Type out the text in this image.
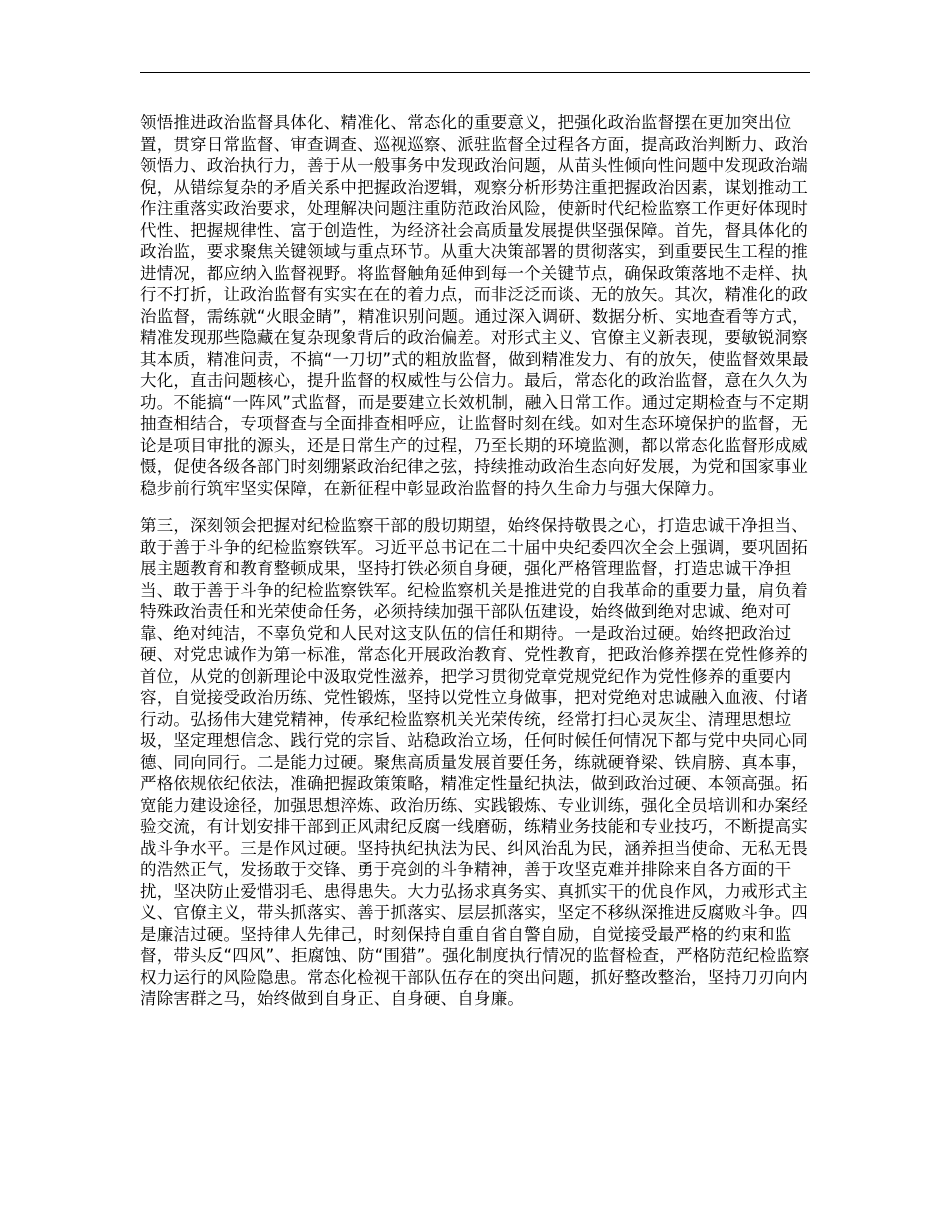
领悟推进政治监督具体化、精准化、常态化的重要意义，把强化政治监督摆在更加突出位置，贯穿日常监督、审查调查、巡视巡察、派驻监督全过程各方面，提高政治判断力、政治领悟力、政治执行力，善于从一般事务中发现政治问题，从苗头性倾向性问题中发现政治端倪，从错综复杂的矛盾关系中把握政治逻辑，观察分析形势注重把握政治因素，谋划推动工作注重落实政治要求，处理解决问题注重防范政治风险，使新时代纪检监察工作更好体现时代性、把握规律性、富于创造性，为经济社会高质量发展提供坚强保障。首先，督具体化的政治监，要求聚焦关键领域与重点环节。从重大决策部署的贯彻落实，到重要民生工程的推进情况，都应纳入监督视野。将监督触角延伸到每一个关键节点，确保政策落地不走样、执行不打折，让政治监督有实实在在的着力点，而非泛泛而谈、无的放矢。其次，精准化的政治监督，需练就“火眼金睛”，精准识别问题。通过深入调研、数据分析、实地查看等方式，精准发现那些隐藏在复杂现象背后的政治偏差。对形式主义、官僚主义新表现，要敏锐洞察其本质，精准问责，不搞“一刀切”式的粗放监督，做到精准发力、有的放矢，使监督效果最大化，直击问题核心，提升监督的权威性与公信力。最后，常态化的政治监督，意在久久为功。不能搞“一阵风”式监督，而是要建立长效机制，融入日常工作。通过定期检查与不定期抽查相结合，专项督查与全面排查相呼应，让监督时刻在线。如对生态环境保护的监督，无论是项目审批的源头，还是日常生产的过程，乃至长期的环境监测，都以常态化监督形成威慑，促使各级各部门时刻绷紧政治纪律之弦，持续推动政治生态向好发展，为党和国家事业稳步前行筑牢坚实保障，在新征程中彰显政治监督的持久生命力与强大保障力。

第三，深刻领会把握对纪检监察干部的殷切期望，始终保持敬畏之心，打造忠诚干净担当、敢于善于斗争的纪检监察铁军。习近平总书记在二十届中央纪委四次全会上强调，要巩固拓展主题教育和教育整顿成果，坚持打铁必须自身硬，强化严格管理监督，打造忠诚干净担当、敢于善于斗争的纪检监察铁军。纪检监察机关是推进党的自我革命的重要力量，肩负着特殊政治责任和光荣使命任务，必须持续加强干部队伍建设，始终做到绝对忠诚、绝对可靠、绝对纯洁，不辜负党和人民对这支队伍的信任和期待。一是政治过硬。始终把政治过硬、对党忠诚作为第一标准，常态化开展政治教育、党性教育，把政治修养摆在党性修养的首位，从党的创新理论中汲取党性滋养，把学习贯彻党章党规党纪作为党性修养的重要内容，自觉接受政治历练、党性锻炼，坚持以党性立身做事，把对党绝对忠诚融入血液、付诸行动。弘扬伟大建党精神，传承纪检监察机关光荣传统，经常打扫心灵灰尘、清理思想垃圾，坚定理想信念、践行党的宗旨、站稳政治立场，任何时候任何情况下都与党中央同心同德、同向同行。二是能力过硬。聚焦高质量发展首要任务，练就硬脊梁、铁肩膀、真本事，严格依规依纪依法，准确把握政策策略，精准定性量纪执法，做到政治过硬、本领高强。拓宽能力建设途径，加强思想淬炼、政治历练、实践锻炼、专业训练，强化全员培训和办案经验交流，有计划安排干部到正风肃纪反腐一线磨砺，练精业务技能和专业技巧，不断提高实战斗争水平。三是作风过硬。坚持执纪执法为民、纠风治乱为民，涵养担当使命、无私无畏的浩然正气，发扬敢于交锋、勇于亮剑的斗争精神，善于攻坚克难并排除来自各方面的干扰，坚决防止爱惜羽毛、患得患失。大力弘扬求真务实、真抓实干的优良作风，力戒形式主义、官僚主义，带头抓落实、善于抓落实、层层抓落实，坚定不移纵深推进反腐败斗争。四是廉洁过硬。坚持律人先律己，时刻保持自重自省自警自励，自觉接受最严格的约束和监督，带头反“四风”、拒腐蚀、防“围猎”。强化制度执行情况的监督检查，严格防范纪检监察权力运行的风险隐患。常态化检视干部队伍存在的突出问题，抓好整改整治，坚持刀刃向内清除害群之马，始终做到自身正、自身硬、自身廉。
